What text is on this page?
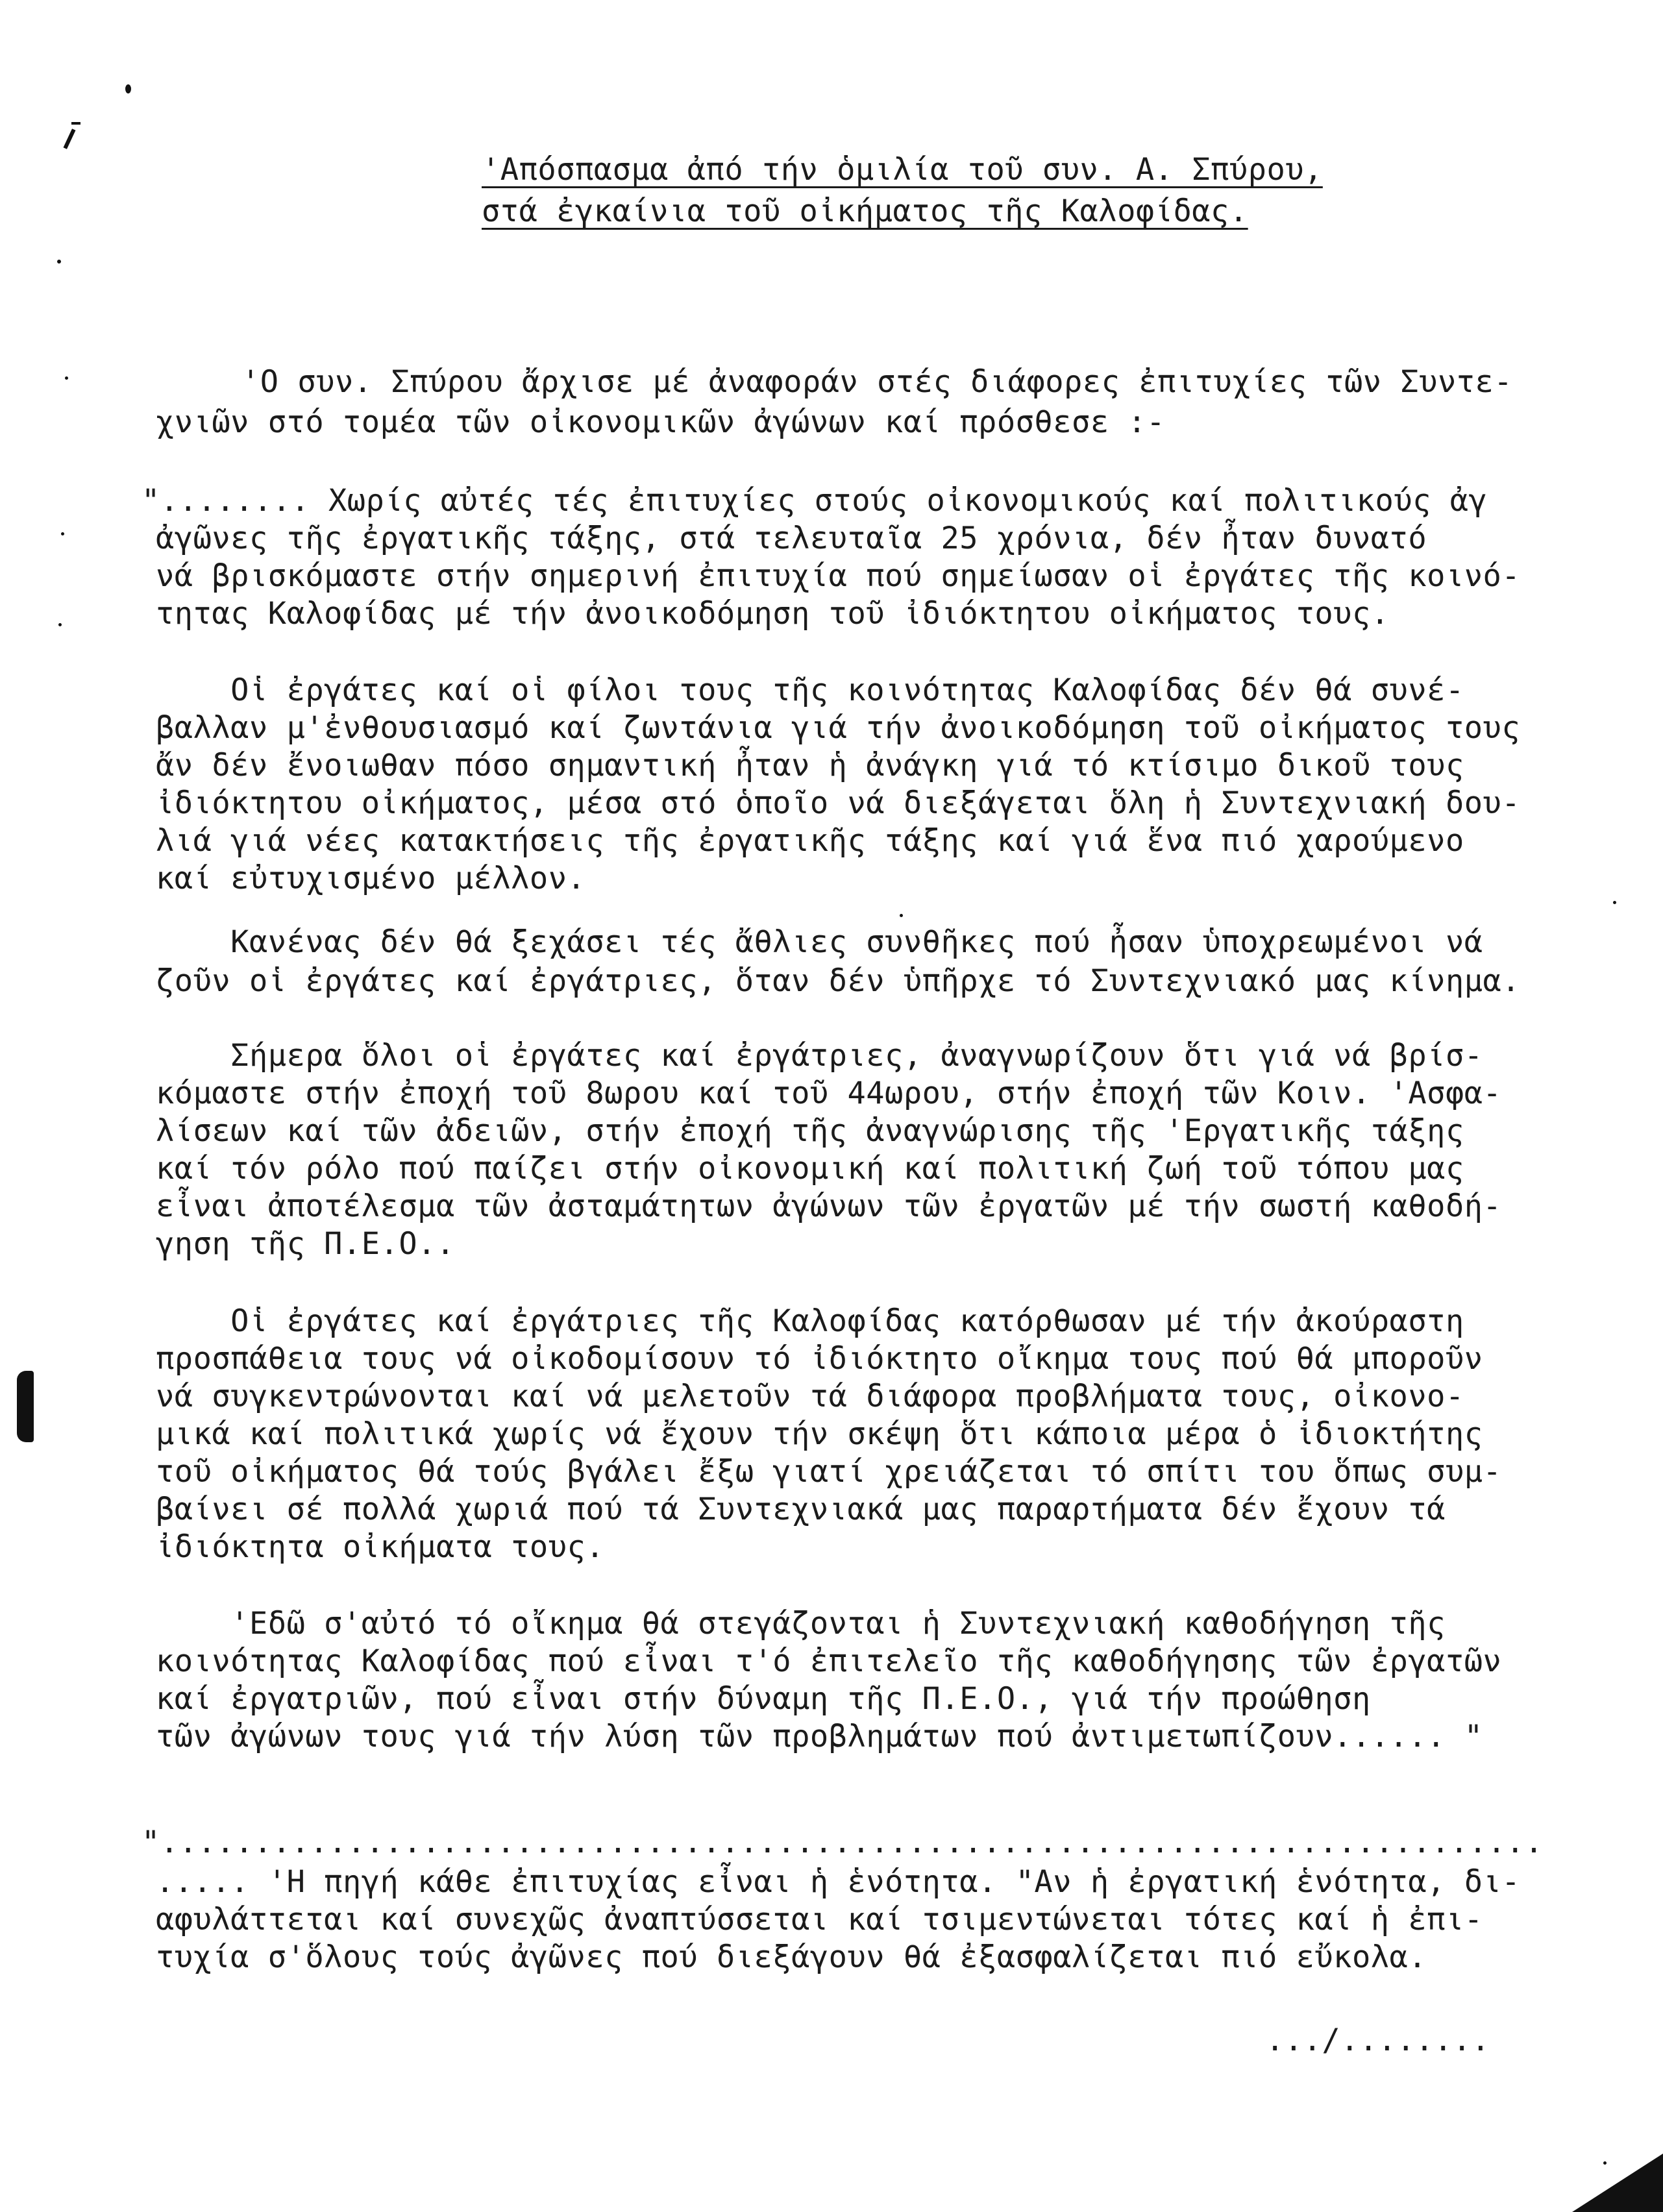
'Απόσπασμα ἀπό τήν ὁμιλία τοῦ συν. Α. Σπύρου,
στά ἐγκαίνια τοῦ οἰκήματος τῆς Καλοφίδας.
'Ο συν. Σπύρου ἄρχισε μέ ἀναφοράν στές διάφορες ἐπιτυχίες τῶν Συντε-
χνιῶν στό τομέα τῶν οἰκονομικῶν ἀγώνων καί πρόσθεσε :-
"........ Χωρίς αὐτές τές ἐπιτυχίες στούς οἰκονομικούς καί πολιτικούς ἀγ
ἀγῶνες τῆς ἐργατικῆς τάξης, στά τελευταῖα 25 χρόνια, δέν ἦταν δυνατό
νά βρισκόμαστε στήν σημερινή ἐπιτυχία πού σημείωσαν οἱ ἐργάτες τῆς κοινό-
τητας Καλοφίδας μέ τήν ἀνοικοδόμηση τοῦ ἰδιόκτητου οἰκήματος τους.
Οἱ ἐργάτες καί οἱ φίλοι τους τῆς κοινότητας Καλοφίδας δέν θά συνέ-
βαλλαν μ'ἐνθουσιασμό καί ζωντάνια γιά τήν ἀνοικοδόμηση τοῦ οἰκήματος τους
ἄν δέν ἔνοιωθαν πόσο σημαντική ἦταν ἡ ἀνάγκη γιά τό κτίσιμο δικοῦ τους
ἰδιόκτητου οἰκήματος, μέσα στό ὁποῖο νά διεξάγεται ὅλη ἡ Συντεχνιακή δου-
λιά γιά νέες κατακτήσεις τῆς ἐργατικῆς τάξης καί γιά ἕνα πιό χαρούμενο
καί εὐτυχισμένο μέλλον.
Κανένας δέν θά ξεχάσει τές ἄθλιες συνθῆκες πού ἦσαν ὑποχρεωμένοι νά
ζοῦν οἱ ἐργάτες καί ἐργάτριες, ὅταν δέν ὑπῆρχε τό Συντεχνιακό μας κίνημα.
Σήμερα ὅλοι οἱ ἐργάτες καί ἐργάτριες, ἀναγνωρίζουν ὅτι γιά νά βρίσ-
κόμαστε στήν ἐποχή τοῦ 8ωρου καί τοῦ 44ωρου, στήν ἐποχή τῶν Κοιν. 'Ασφα-
λίσεων καί τῶν ἀδειῶν, στήν ἐποχή τῆς ἀναγνώρισης τῆς 'Εργατικῆς τάξης
καί τόν ρόλο πού παίζει στήν οἰκονομική καί πολιτική ζωή τοῦ τόπου μας
εἶναι ἀποτέλεσμα τῶν ἀσταμάτητων ἀγώνων τῶν ἐργατῶν μέ τήν σωστή καθοδή-
γηση τῆς Π.Ε.Ο..
Οἱ ἐργάτες καί ἐργάτριες τῆς Καλοφίδας κατόρθωσαν μέ τήν ἀκούραστη
προσπάθεια τους νά οἰκοδομίσουν τό ἰδιόκτητο οἴκημα τους πού θά μποροῦν
νά συγκεντρώνονται καί νά μελετοῦν τά διάφορα προβλήματα τους, οἰκονο-
μικά καί πολιτικά χωρίς νά ἔχουν τήν σκέψη ὅτι κάποια μέρα ὁ ἰδιοκτήτης
τοῦ οἰκήματος θά τούς βγάλει ἔξω γιατί χρειάζεται τό σπίτι του ὅπως συμ-
βαίνει σέ πολλά χωριά πού τά Συντεχνιακά μας παραρτήματα δέν ἔχουν τά
ἰδιόκτητα οἰκήματα τους.
'Εδῶ σ'αὐτό τό οἴκημα θά στεγάζονται ἡ Συντεχνιακή καθοδήγηση τῆς
κοινότητας Καλοφίδας πού εἶναι τ'ό ἐπιτελεῖο τῆς καθοδήγησης τῶν ἐργατῶν
καί ἐργατριῶν, πού εἶναι στήν δύναμη τῆς Π.Ε.Ο., γιά τήν προώθηση
τῶν ἀγώνων τους γιά τήν λύση τῶν προβλημάτων πού ἀντιμετωπίζουν...... "
"..........................................................................
..... 'Η πηγή κάθε ἐπιτυχίας εἶναι ἡ ἑνότητα. "Αν ἡ ἐργατική ἑνότητα, δι-
αφυλάττεται καί συνεχῶς ἀναπτύσσεται καί τσιμεντώνεται τότες καί ἡ ἐπι-
τυχία σ'ὅλους τούς ἀγῶνες πού διεξάγουν θά ἐξασφαλίζεται πιό εὔκολα.
.../........
